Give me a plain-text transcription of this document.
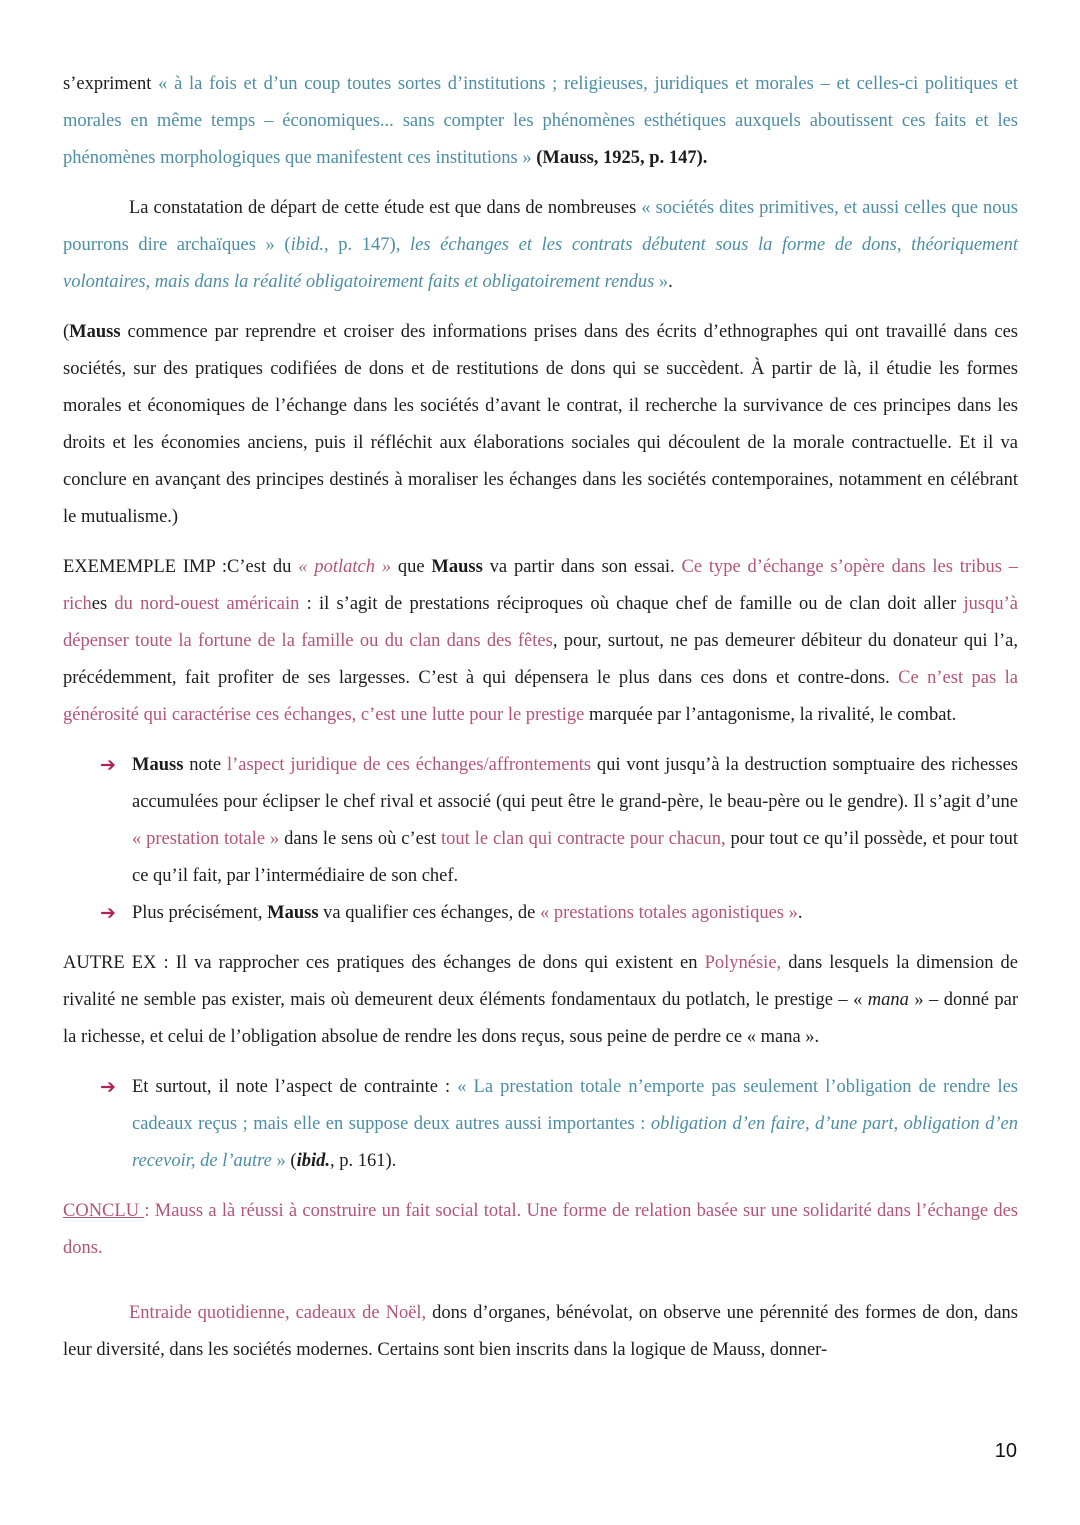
s’expriment « à la fois et d’un coup toutes sortes d’institutions ; religieuses, juridiques et morales – et celles-ci politiques et morales en même temps – économiques... sans compter les phénomènes esthétiques auxquels aboutissent ces faits et les phénomènes morphologiques que manifestent ces institutions » (Mauss, 1925, p. 147).
La constatation de départ de cette étude est que dans de nombreuses « sociétés dites primitives, et aussi celles que nous pourrons dire archaïques » (ibid., p. 147), les échanges et les contrats débutent sous la forme de dons, théoriquement volontaires, mais dans la réalité obligatoirement faits et obligatoirement rendus ».
(Mauss commence par reprendre et croiser des informations prises dans des écrits d’ethnographes qui ont travaillé dans ces sociétés, sur des pratiques codifiées de dons et de restitutions de dons qui se succèdent. À partir de là, il étudie les formes morales et économiques de l’échange dans les sociétés d’avant le contrat, il recherche la survivance de ces principes dans les droits et les économies anciens, puis il réfléchit aux élaborations sociales qui découlent de la morale contractuelle. Et il va conclure en avançant des principes destinés à moraliser les échanges dans les sociétés contemporaines, notamment en célébrant le mutualisme.)
EXEMEMPLE IMP :C’est du « potlatch » que Mauss va partir dans son essai. Ce type d’échange s’opère dans les tribus – riches du nord-ouest américain : il s’agit de prestations réciproques où chaque chef de famille ou de clan doit aller jusqu’à dépenser toute la fortune de la famille ou du clan dans des fêtes, pour, surtout, ne pas demeurer débiteur du donateur qui l’a, précédemment, fait profiter de ses largesses. C’est à qui dépensera le plus dans ces dons et contre-dons. Ce n’est pas la générosité qui caractérise ces échanges, c’est une lutte pour le prestige marquée par l’antagonisme, la rivalité, le combat.
➔ Mauss note l’aspect juridique de ces échanges/affrontements qui vont jusqu’à la destruction somptuaire des richesses accumulées pour éclipser le chef rival et associé (qui peut être le grand-père, le beau-père ou le gendre). Il s’agit d’une « prestation totale » dans le sens où c’est tout le clan qui contracte pour chacun, pour tout ce qu’il possède, et pour tout ce qu’il fait, par l’intermédiaire de son chef.
➔ Plus précisément, Mauss va qualifier ces échanges, de « prestations totales agonistiques ».
AUTRE EX : Il va rapprocher ces pratiques des échanges de dons qui existent en Polynésie, dans lesquels la dimension de rivalité ne semble pas exister, mais où demeurent deux éléments fondamentaux du potlatch, le prestige – « mana » – donné par la richesse, et celui de l’obligation absolue de rendre les dons reçus, sous peine de perdre ce « mana ».
➔ Et surtout, il note l’aspect de contrainte : « La prestation totale n’emporte pas seulement l’obligation de rendre les cadeaux reçus ; mais elle en suppose deux autres aussi importantes : obligation d’en faire, d’une part, obligation d’en recevoir, de l’autre » (ibid., p. 161).
CONCLU : Mauss a là réussi à construire un fait social total. Une forme de relation basée sur une solidarité dans l’échange des dons.
Entraide quotidienne, cadeaux de Noël, dons d’organes, bénévolat, on observe une pérennité des formes de don, dans leur diversité, dans les sociétés modernes. Certains sont bien inscrits dans la logique de Mauss, donner-
10
